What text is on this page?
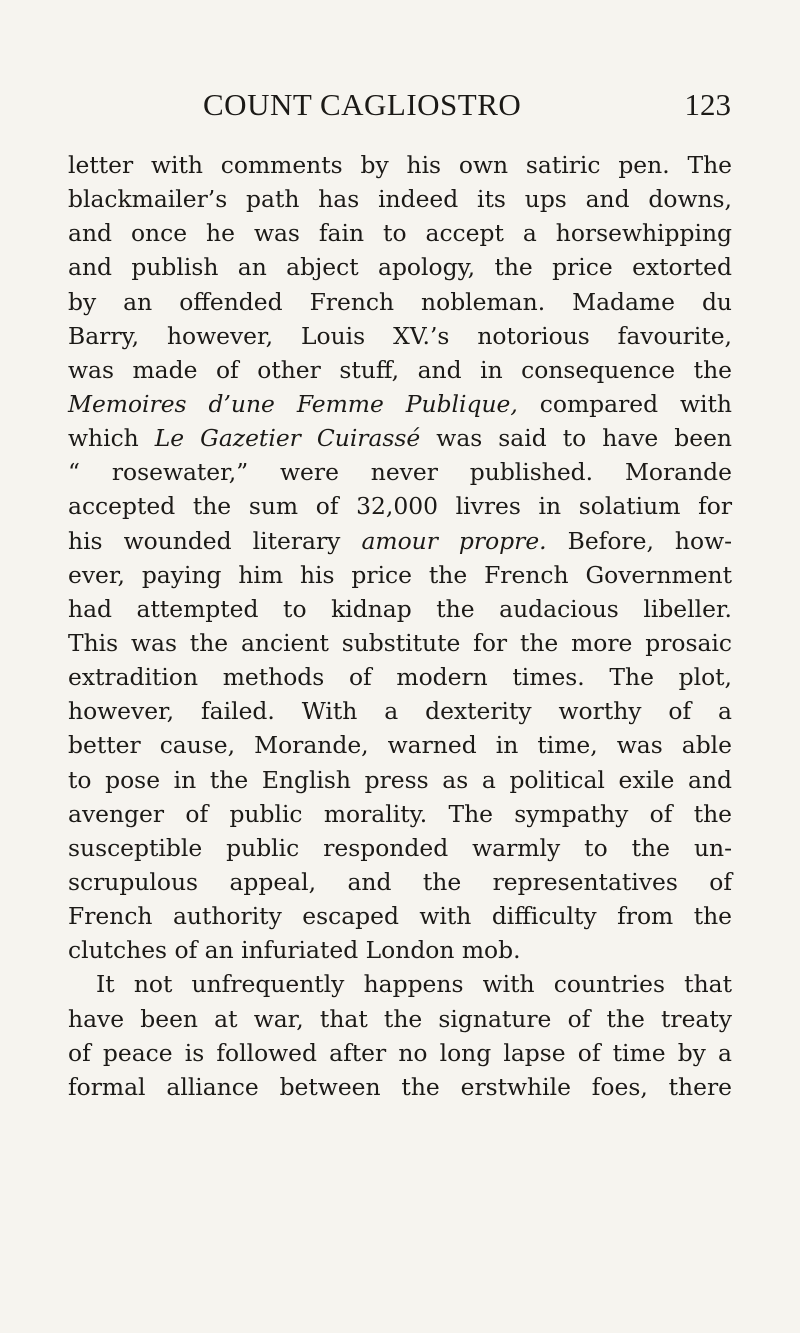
COUNT CAGLIOSTRO	123
letter with comments by his own satiric pen. The
blackmailer’s path has indeed its ups and downs,
and once he was fain to accept a horsewhipping
and publish an abject apology, the price extorted
by an offended French nobleman. Madame du
Barry, however, Louis XV.’s notorious favourite,
was made of other stuff, and in consequence the
Memoires d’une Femme Publique, compared with
which Le Gazetier Cuirassé was said to have been
“ rosewater,” were never published. Morande
accepted the sum of 32,000 livres in solatium for
his wounded literary amour propre. Before, how-
ever, paying him his price the French Government
had attempted to kidnap the audacious libeller.
This was the ancient substitute for the more prosaic
extradition methods of modern times. The plot,
however, failed. With a dexterity worthy of a
better cause, Morande, warned in time, was able
to pose in the English press as a political exile and
avenger of public morality. The sympathy of the
susceptible public responded warmly to the un-
scrupulous appeal, and the representatives of
French authority escaped with difficulty from the
clutches of an infuriated London mob.
It not unfrequently happens with countries that
have been at war, that the signature of the treaty
of peace is followed after no long lapse of time by a
formal alliance between the erstwhile foes, there
